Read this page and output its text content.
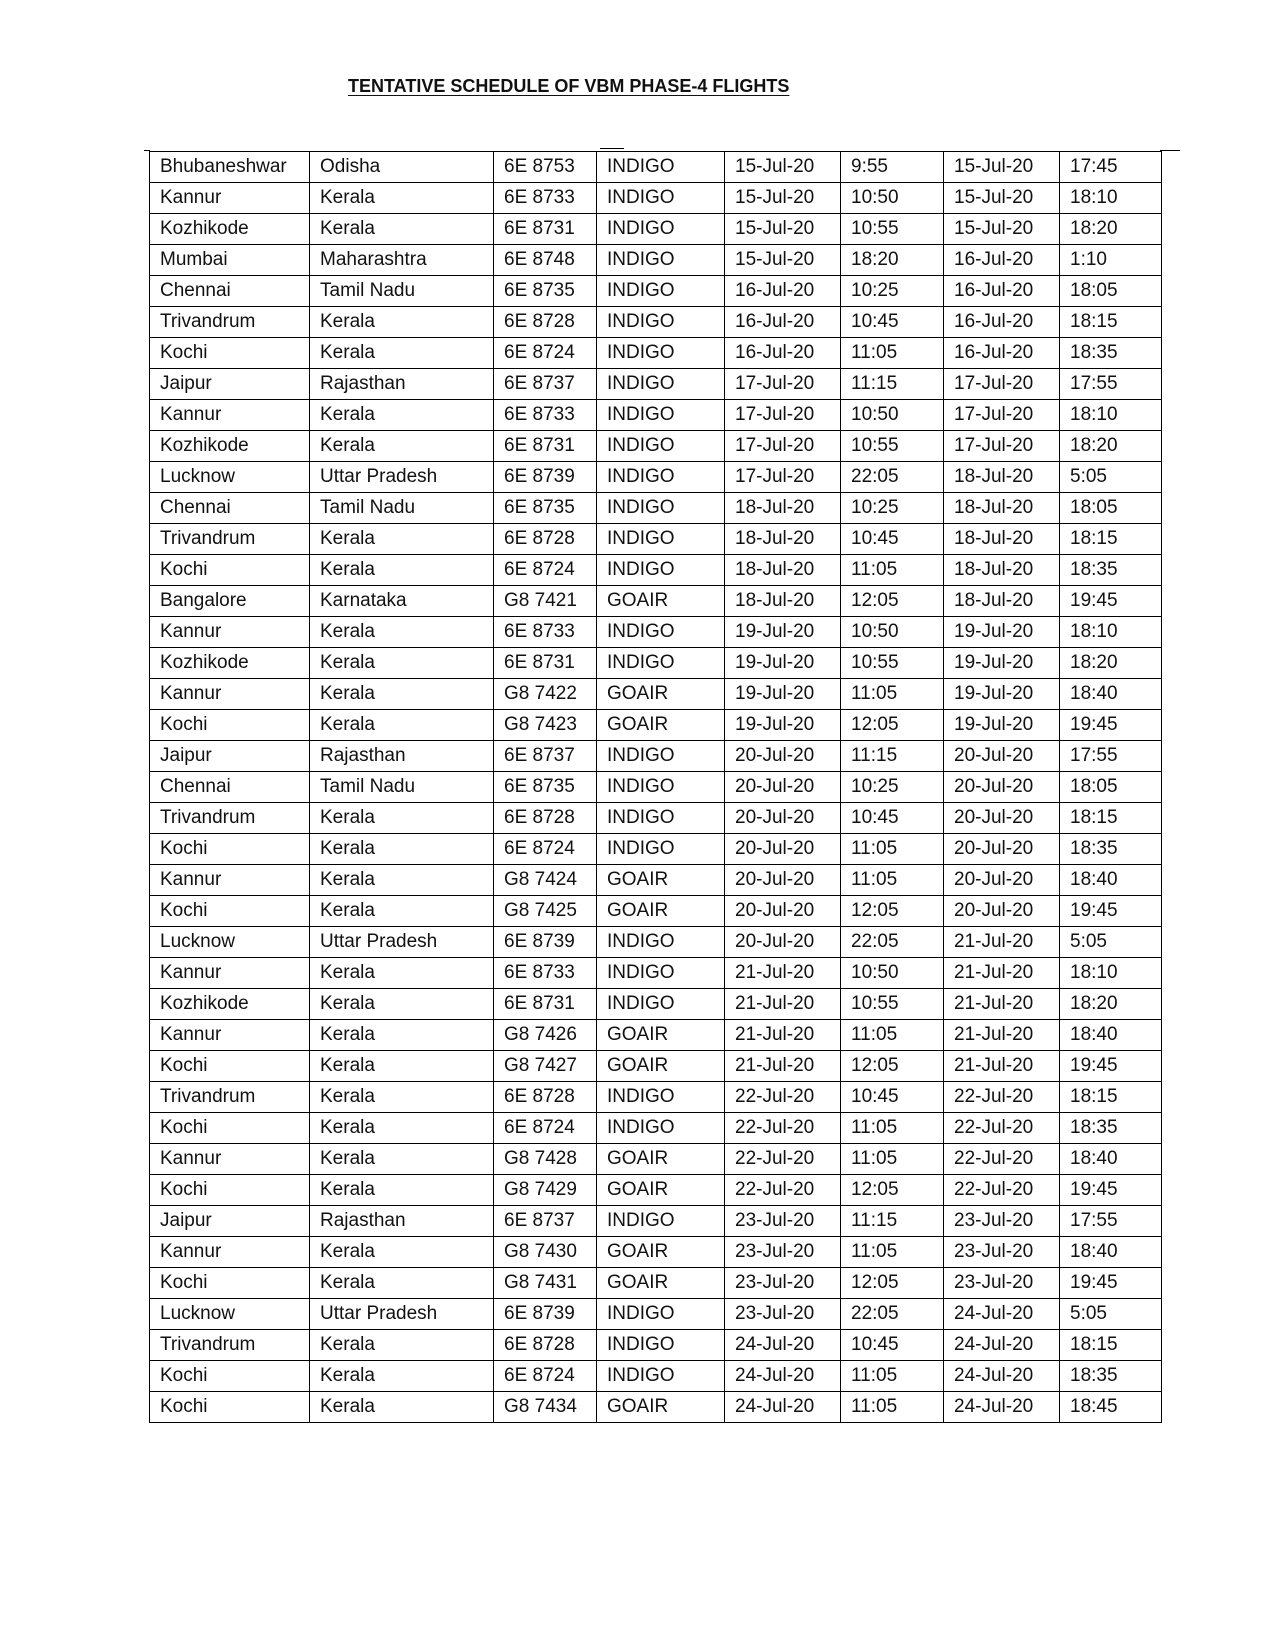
TENTATIVE SCHEDULE OF VBM PHASE-4 FLIGHTS
Bhubaneshwar	Odisha	6E 8753	INDIGO	15-Jul-20	9:55	15-Jul-20	17:45
Kannur	Kerala	6E 8733	INDIGO	15-Jul-20	10:50	15-Jul-20	18:10
Kozhikode	Kerala	6E 8731	INDIGO	15-Jul-20	10:55	15-Jul-20	18:20
Mumbai	Maharashtra	6E 8748	INDIGO	15-Jul-20	18:20	16-Jul-20	1:10
Chennai	Tamil Nadu	6E 8735	INDIGO	16-Jul-20	10:25	16-Jul-20	18:05
Trivandrum	Kerala	6E 8728	INDIGO	16-Jul-20	10:45	16-Jul-20	18:15
Kochi	Kerala	6E 8724	INDIGO	16-Jul-20	11:05	16-Jul-20	18:35
Jaipur	Rajasthan	6E 8737	INDIGO	17-Jul-20	11:15	17-Jul-20	17:55
Kannur	Kerala	6E 8733	INDIGO	17-Jul-20	10:50	17-Jul-20	18:10
Kozhikode	Kerala	6E 8731	INDIGO	17-Jul-20	10:55	17-Jul-20	18:20
Lucknow	Uttar Pradesh	6E 8739	INDIGO	17-Jul-20	22:05	18-Jul-20	5:05
Chennai	Tamil Nadu	6E 8735	INDIGO	18-Jul-20	10:25	18-Jul-20	18:05
Trivandrum	Kerala	6E 8728	INDIGO	18-Jul-20	10:45	18-Jul-20	18:15
Kochi	Kerala	6E 8724	INDIGO	18-Jul-20	11:05	18-Jul-20	18:35
Bangalore	Karnataka	G8 7421	GOAIR	18-Jul-20	12:05	18-Jul-20	19:45
Kannur	Kerala	6E 8733	INDIGO	19-Jul-20	10:50	19-Jul-20	18:10
Kozhikode	Kerala	6E 8731	INDIGO	19-Jul-20	10:55	19-Jul-20	18:20
Kannur	Kerala	G8 7422	GOAIR	19-Jul-20	11:05	19-Jul-20	18:40
Kochi	Kerala	G8 7423	GOAIR	19-Jul-20	12:05	19-Jul-20	19:45
Jaipur	Rajasthan	6E 8737	INDIGO	20-Jul-20	11:15	20-Jul-20	17:55
Chennai	Tamil Nadu	6E 8735	INDIGO	20-Jul-20	10:25	20-Jul-20	18:05
Trivandrum	Kerala	6E 8728	INDIGO	20-Jul-20	10:45	20-Jul-20	18:15
Kochi	Kerala	6E 8724	INDIGO	20-Jul-20	11:05	20-Jul-20	18:35
Kannur	Kerala	G8 7424	GOAIR	20-Jul-20	11:05	20-Jul-20	18:40
Kochi	Kerala	G8 7425	GOAIR	20-Jul-20	12:05	20-Jul-20	19:45
Lucknow	Uttar Pradesh	6E 8739	INDIGO	20-Jul-20	22:05	21-Jul-20	5:05
Kannur	Kerala	6E 8733	INDIGO	21-Jul-20	10:50	21-Jul-20	18:10
Kozhikode	Kerala	6E 8731	INDIGO	21-Jul-20	10:55	21-Jul-20	18:20
Kannur	Kerala	G8 7426	GOAIR	21-Jul-20	11:05	21-Jul-20	18:40
Kochi	Kerala	G8 7427	GOAIR	21-Jul-20	12:05	21-Jul-20	19:45
Trivandrum	Kerala	6E 8728	INDIGO	22-Jul-20	10:45	22-Jul-20	18:15
Kochi	Kerala	6E 8724	INDIGO	22-Jul-20	11:05	22-Jul-20	18:35
Kannur	Kerala	G8 7428	GOAIR	22-Jul-20	11:05	22-Jul-20	18:40
Kochi	Kerala	G8 7429	GOAIR	22-Jul-20	12:05	22-Jul-20	19:45
Jaipur	Rajasthan	6E 8737	INDIGO	23-Jul-20	11:15	23-Jul-20	17:55
Kannur	Kerala	G8 7430	GOAIR	23-Jul-20	11:05	23-Jul-20	18:40
Kochi	Kerala	G8 7431	GOAIR	23-Jul-20	12:05	23-Jul-20	19:45
Lucknow	Uttar Pradesh	6E 8739	INDIGO	23-Jul-20	22:05	24-Jul-20	5:05
Trivandrum	Kerala	6E 8728	INDIGO	24-Jul-20	10:45	24-Jul-20	18:15
Kochi	Kerala	6E 8724	INDIGO	24-Jul-20	11:05	24-Jul-20	18:35
Kochi	Kerala	G8 7434	GOAIR	24-Jul-20	11:05	24-Jul-20	18:45
